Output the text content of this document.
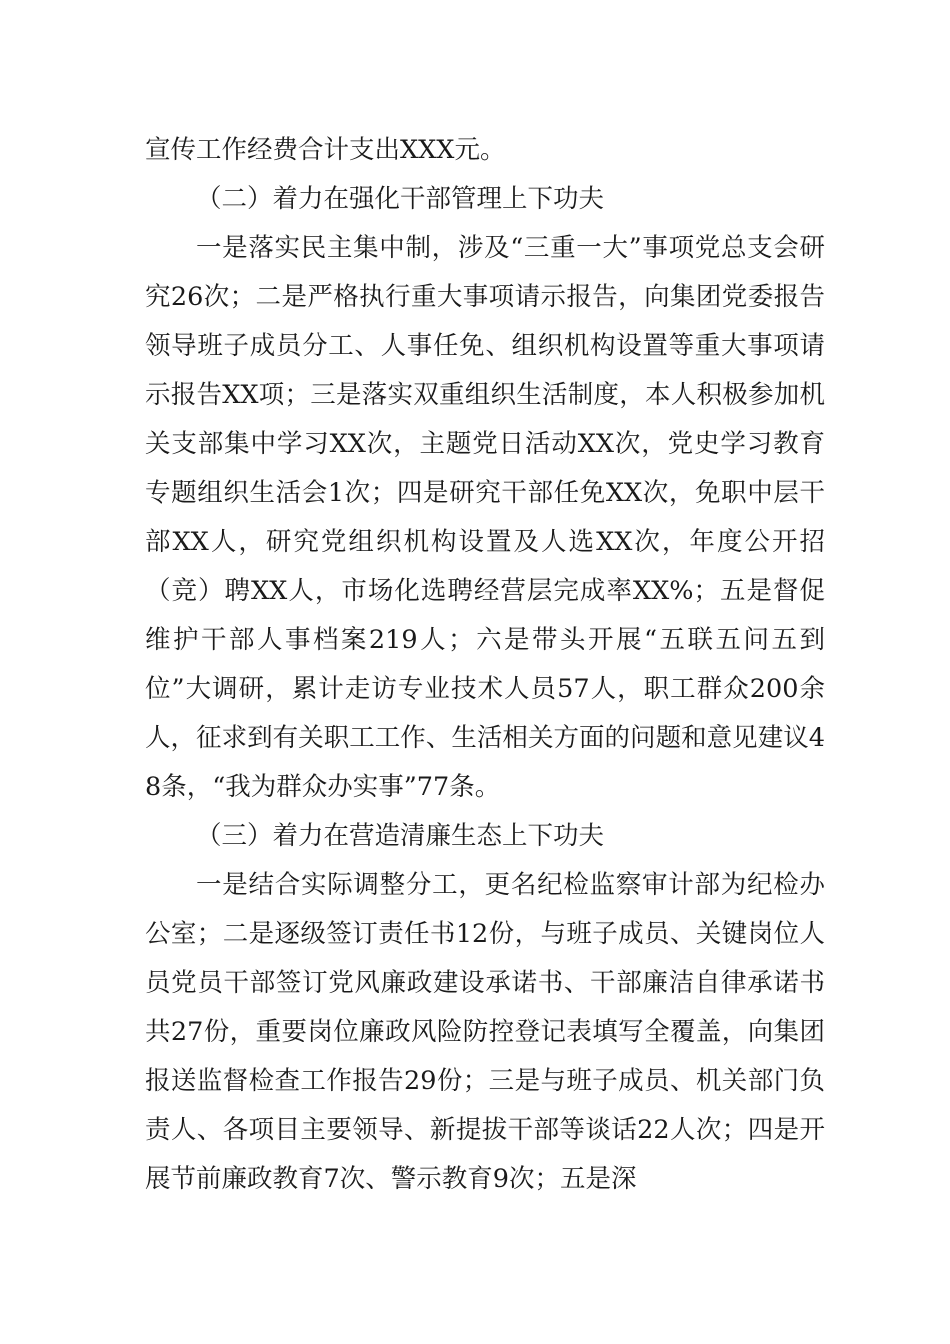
宣传工作经费合计支出XXX元。

（二）着力在强化干部管理上下功夫

一是落实民主集中制，涉及“三重一大”事项党总支会研究26次；二是严格执行重大事项请示报告，向集团党委报告领导班子成员分工、人事任免、组织机构设置等重大事项请示报告XX项；三是落实双重组织生活制度，本人积极参加机关支部集中学习XX次，主题党日活动XX次，党史学习教育专题组织生活会1次；四是研究干部任免XX次，免职中层干部XX人，研究党组织机构设置及人选XX次，年度公开招（竞）聘XX人，市场化选聘经营层完成率XX%；五是督促维护干部人事档案219人；六是带头开展“五联五问五到位”大调研，累计走访专业技术人员57人，职工群众200余人，征求到有关职工工作、生活相关方面的问题和意见建议48条，“我为群众办实事”77条。

（三）着力在营造清廉生态上下功夫

一是结合实际调整分工，更名纪检监察审计部为纪检办公室；二是逐级签订责任书12份，与班子成员、关键岗位人员党员干部签订党风廉政建设承诺书、干部廉洁自律承诺书共27份，重要岗位廉政风险防控登记表填写全覆盖，向集团报送监督检查工作报告29份；三是与班子成员、机关部门负责人、各项目主要领导、新提拔干部等谈话22人次；四是开展节前廉政教育7次、警示教育9次；五是深
